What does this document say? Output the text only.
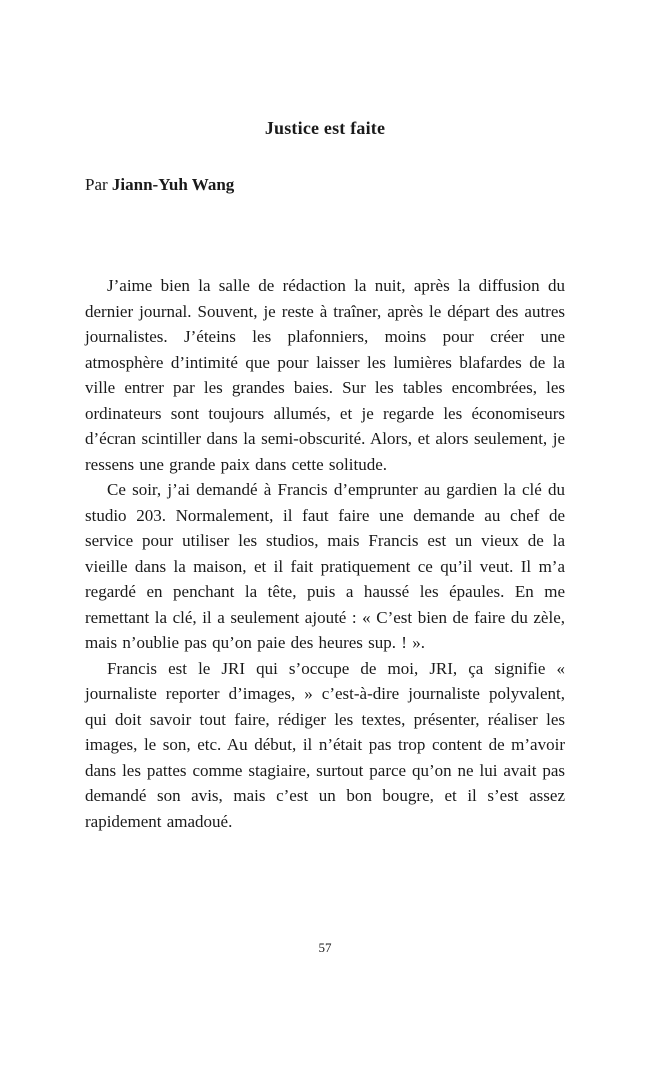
Justice est faite

Par Jiann-Yuh Wang

J’aime bien la salle de rédaction la nuit, après la diffusion du dernier journal. Souvent, je reste à traîner, après le départ des autres journalistes. J’éteins les plafonniers, moins pour créer une atmosphère d’intimité que pour laisser les lumières blafardes de la ville entrer par les grandes baies. Sur les tables encombrées, les ordinateurs sont toujours allumés, et je regarde les économiseurs d’écran scintiller dans la semi-obscurité. Alors, et alors seulement, je ressens une grande paix dans cette solitude.

Ce soir, j’ai demandé à Francis d’emprunter au gardien la clé du studio 203. Normalement, il faut faire une demande au chef de service pour utiliser les studios, mais Francis est un vieux de la vieille dans la maison, et il fait pratiquement ce qu’il veut. Il m’a regardé en penchant la tête, puis a haussé les épaules. En me remettant la clé, il a seulement ajouté : « C’est bien de faire du zèle, mais n’oublie pas qu’on paie des heures sup. ! ».

Francis est le JRI qui s’occupe de moi, JRI, ça signifie « journaliste reporter d’images, » c’est-à-dire journaliste polyvalent, qui doit savoir tout faire, rédiger les textes, présenter, réaliser les images, le son, etc. Au début, il n’était pas trop content de m’avoir dans les pattes comme stagiaire, surtout parce qu’on ne lui avait pas demandé son avis, mais c’est un bon bougre, et il s’est assez rapidement amadoué.

57
